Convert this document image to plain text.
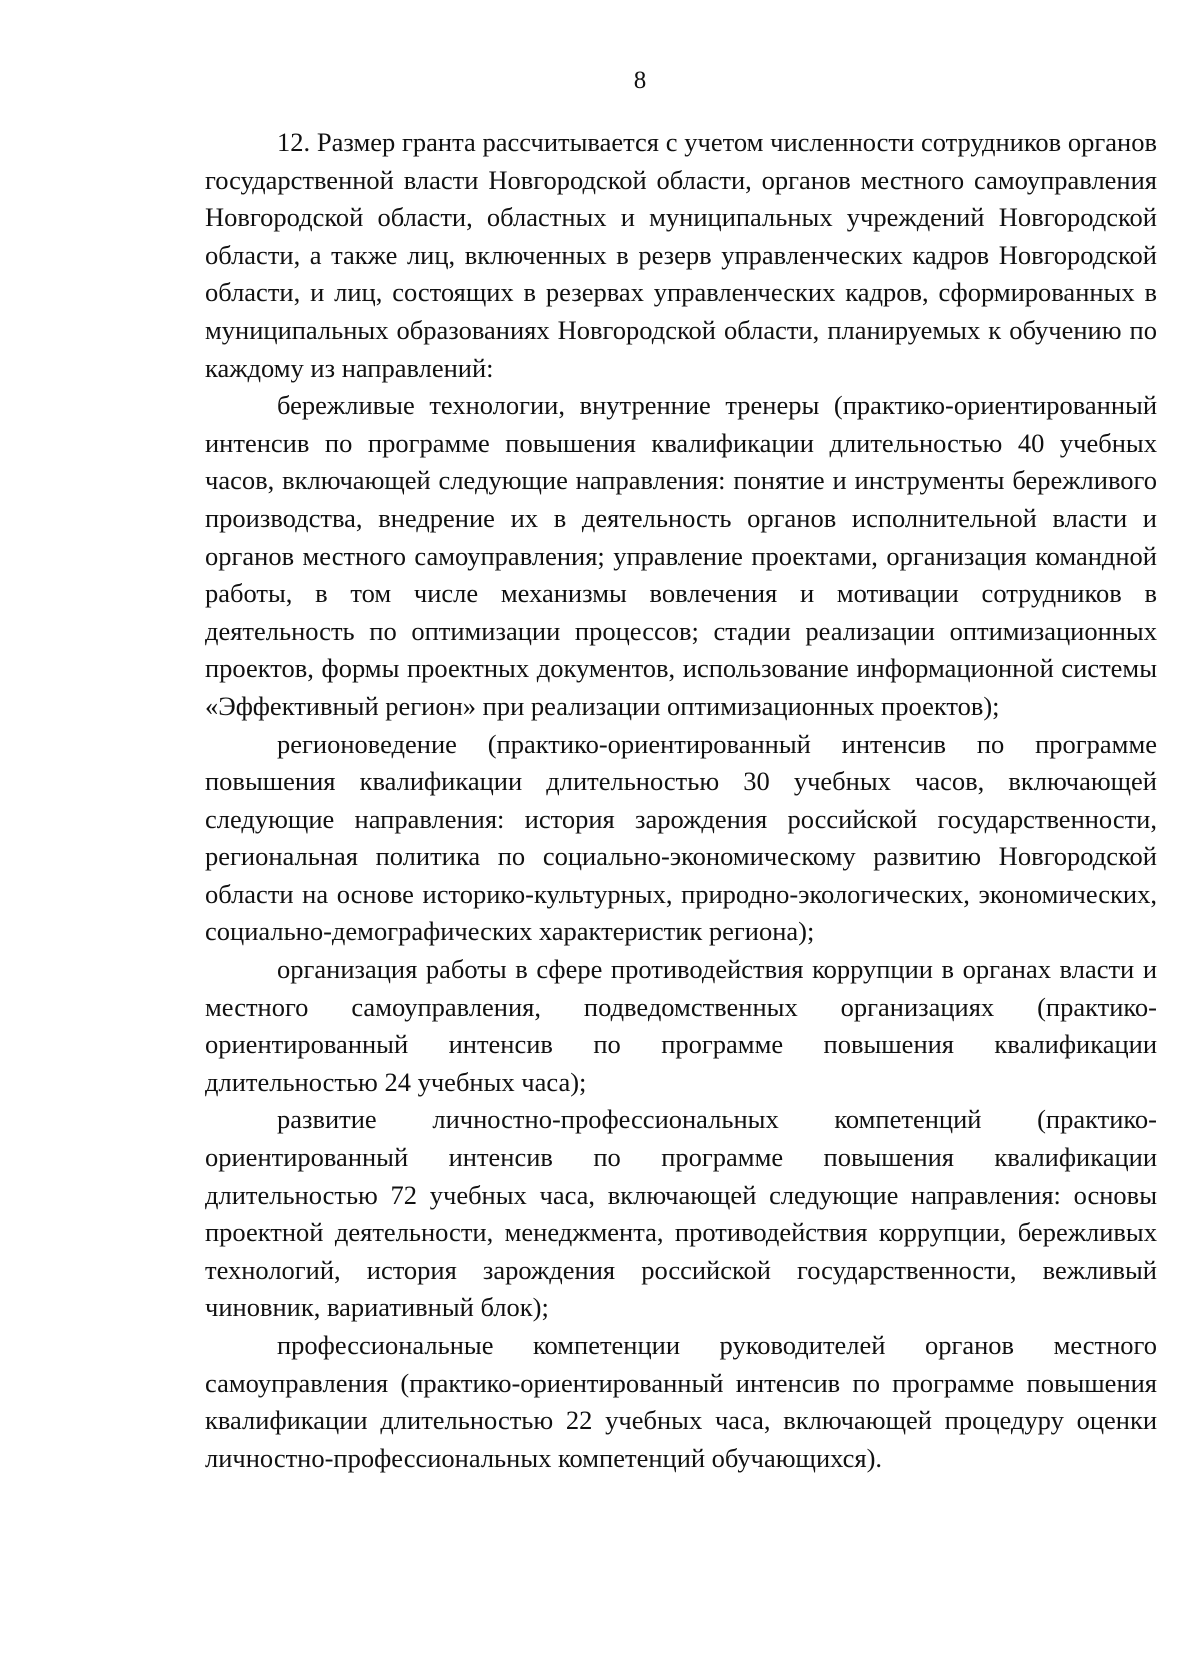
8

12. Размер гранта рассчитывается с учетом численности сотрудников органов государственной власти Новгородской области, органов местного самоуправления Новгородской области, областных и муниципальных учреждений Новгородской области, а также лиц, включенных в резерв управленческих кадров Новгородской области, и лиц, состоящих в резервах управленческих кадров, сформированных в муниципальных образованиях Новгородской области, планируемых к обучению по каждому из направлений:

бережливые технологии, внутренние тренеры (практико-ориентированный интенсив по программе повышения квалификации длительностью 40 учебных часов, включающей следующие направления: понятие и инструменты бережливого производства, внедрение их в деятельность органов исполнительной власти и органов местного самоуправления; управление проектами, организация командной работы, в том числе механизмы вовлечения и мотивации сотрудников в деятельность по оптимизации процессов; стадии реализации оптимизационных проектов, формы проектных документов, использование информационной системы «Эффективный регион» при реализации оптимизационных проектов);

регионоведение (практико-ориентированный интенсив по программе повышения квалификации длительностью 30 учебных часов, включающей следующие направления: история зарождения российской государственности, региональная политика по социально-экономическому развитию Новгородской области на основе историко-культурных, природно-экологических, экономических, социально-демографических характеристик региона);

организация работы в сфере противодействия коррупции в органах власти и местного самоуправления, подведомственных организациях (практико-ориентированный интенсив по программе повышения квалификации длительностью 24 учебных часа);

развитие личностно-профессиональных компетенций (практико-ориентированный интенсив по программе повышения квалификации длительностью 72 учебных часа, включающей следующие направления: основы проектной деятельности, менеджмента, противодействия коррупции, бережливых технологий, история зарождения российской государственности, вежливый чиновник, вариативный блок);

профессиональные компетенции руководителей органов местного самоуправления (практико-ориентированный интенсив по программе повышения квалификации длительностью 22 учебных часа, включающей процедуру оценки личностно-профессиональных компетенций обучающихся).
